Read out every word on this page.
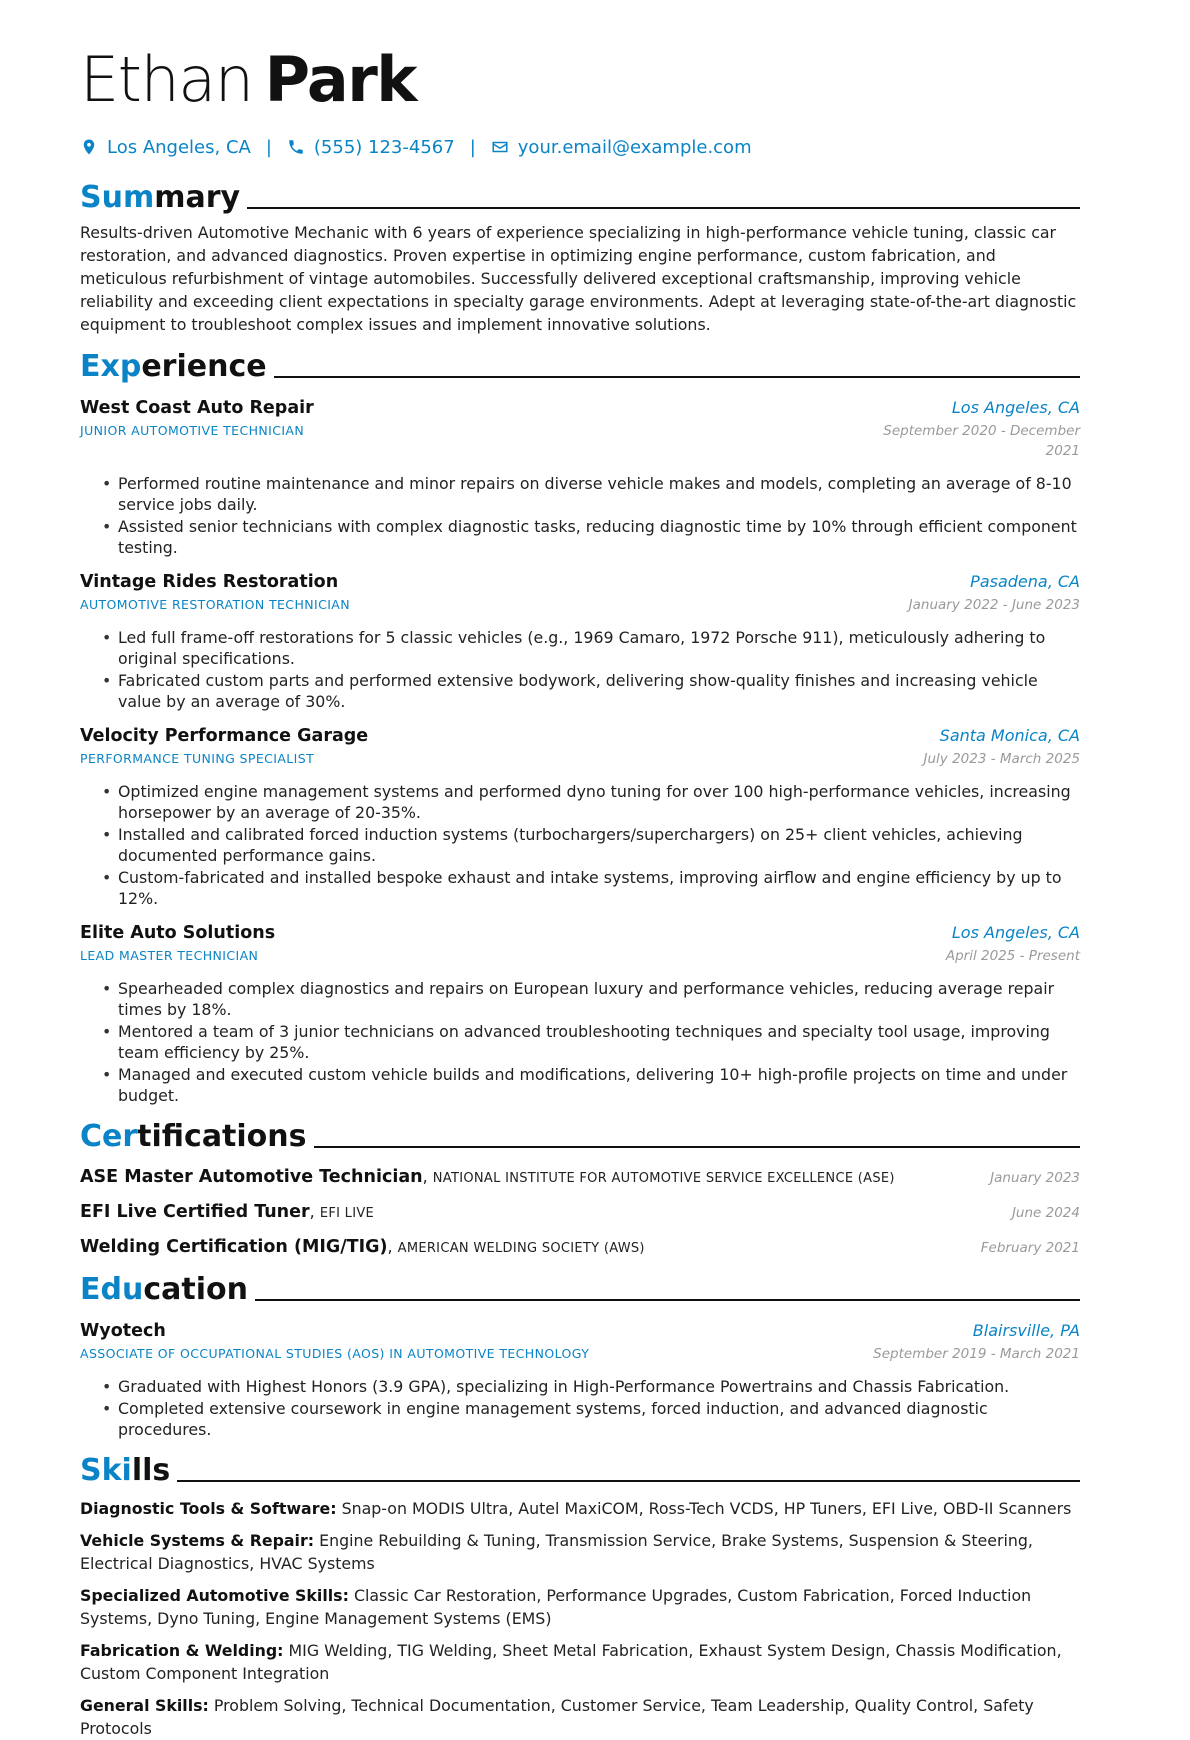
Ethan Park
Los Angeles, CA | (555) 123-4567 | your.email@example.com
Summary

Results-driven Automotive Mechanic with 6 years of experience specializing in high-performance vehicle tuning, classic car restoration, and advanced diagnostics. Proven expertise in optimizing engine performance, custom fabrication, and meticulous refurbishment of vintage automobiles. Successfully delivered exceptional craftsmanship, improving vehicle reliability and exceeding client expectations in specialty garage environments. Adept at leveraging state-of-the-art diagnostic equipment to troubleshoot complex issues and implement innovative solutions.

Experience
West Coast Auto Repair
JUNIOR AUTOMOTIVE TECHNICIAN
Los Angeles, CA
September 2020 - December 2021
• Performed routine maintenance and minor repairs on diverse vehicle makes and models, completing an average of 8-10 service jobs daily.
• Assisted senior technicians with complex diagnostic tasks, reducing diagnostic time by 10% through efficient component testing.
Vintage Rides Restoration
AUTOMOTIVE RESTORATION TECHNICIAN
Pasadena, CA
January 2022 - June 2023
• Led full frame-off restorations for 5 classic vehicles (e.g., 1969 Camaro, 1972 Porsche 911), meticulously adhering to original specifications.
• Fabricated custom parts and performed extensive bodywork, delivering show-quality finishes and increasing vehicle value by an average of 30%.
Velocity Performance Garage
PERFORMANCE TUNING SPECIALIST
Santa Monica, CA
July 2023 - March 2025
• Optimized engine management systems and performed dyno tuning for over 100 high-performance vehicles, increasing horsepower by an average of 20-35%.
• Installed and calibrated forced induction systems (turbochargers/superchargers) on 25+ client vehicles, achieving documented performance gains.
• Custom-fabricated and installed bespoke exhaust and intake systems, improving airflow and engine efficiency by up to 12%.
Elite Auto Solutions
LEAD MASTER TECHNICIAN
Los Angeles, CA
April 2025 - Present
• Spearheaded complex diagnostics and repairs on European luxury and performance vehicles, reducing average repair times by 18%.
• Mentored a team of 3 junior technicians on advanced troubleshooting techniques and specialty tool usage, improving team efficiency by 25%.
• Managed and executed custom vehicle builds and modifications, delivering 10+ high-profile projects on time and under budget.
Certifications
ASE Master Automotive Technician, NATIONAL INSTITUTE FOR AUTOMOTIVE SERVICE EXCELLENCE (ASE)	January 2023
EFI Live Certified Tuner, EFI LIVE	June 2024
Welding Certification (MIG/TIG), AMERICAN WELDING SOCIETY (AWS)	February 2021
Education
Wyotech
ASSOCIATE OF OCCUPATIONAL STUDIES (AOS) IN AUTOMOTIVE TECHNOLOGY
Blairsville, PA
September 2019 - March 2021
• Graduated with Highest Honors (3.9 GPA), specializing in High-Performance Powertrains and Chassis Fabrication.
• Completed extensive coursework in engine management systems, forced induction, and advanced diagnostic procedures.
Skills
Diagnostic Tools & Software: Snap-on MODIS Ultra, Autel MaxiCOM, Ross-Tech VCDS, HP Tuners, EFI Live, OBD-II Scanners
Vehicle Systems & Repair: Engine Rebuilding & Tuning, Transmission Service, Brake Systems, Suspension & Steering, Electrical Diagnostics, HVAC Systems
Specialized Automotive Skills: Classic Car Restoration, Performance Upgrades, Custom Fabrication, Forced Induction Systems, Dyno Tuning, Engine Management Systems (EMS)
Fabrication & Welding: MIG Welding, TIG Welding, Sheet Metal Fabrication, Exhaust System Design, Chassis Modification, Custom Component Integration
General Skills: Problem Solving, Technical Documentation, Customer Service, Team Leadership, Quality Control, Safety Protocols
